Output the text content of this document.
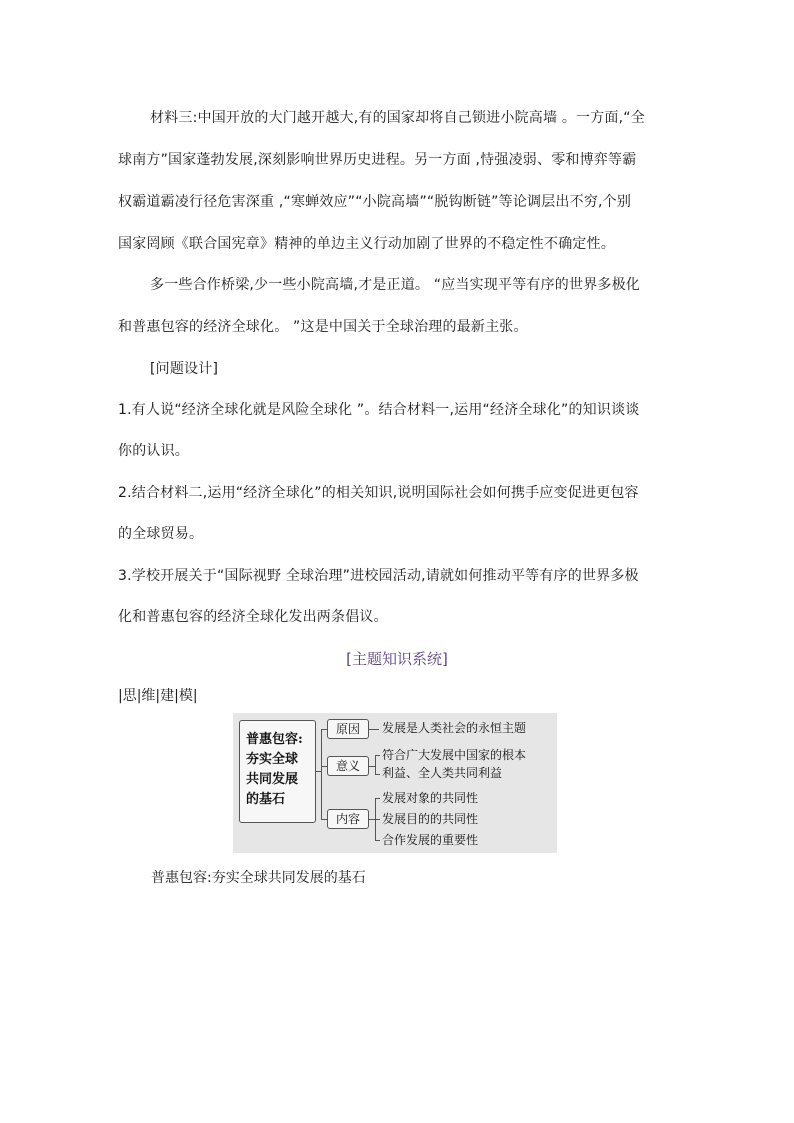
材料三:中国开放的大门越开越大,有的国家却将自己锁进小院高墙 。一方面,“全
球南方”国家蓬勃发展,深刻影响世界历史进程。另一方面 ,恃强凌弱、零和博弈等霸
权霸道霸凌行径危害深重 ,“寒蝉效应”“小院高墙”“脱钩断链”等论调层出不穷,个别
国家罔顾《联合国宪章》精神的单边主义行动加剧了世界的不稳定性不确定性。
多一些合作桥梁,少一些小院高墙,才是正道。 “应当实现平等有序的世界多极化
和普惠包容的经济全球化。 ”这是中国关于全球治理的最新主张。
[问题设计]
1.有人说“经济全球化就是风险全球化 ”。结合材料一,运用“经济全球化”的知识谈谈
你的认识。
2.结合材料二,运用“经济全球化”的相关知识,说明国际社会如何携手应变促进更包容
的全球贸易。
3.学校开展关于“国际视野 全球治理”进校园活动,请就如何推动平等有序的世界多极
化和普惠包容的经济全球化发出两条倡议。
[主题知识系统]
|思|维|建|模|
普惠包容:
夯实全球
共同发展
的基石
原因	发展是人类社会的永恒主题
意义
符合广大发展中国家的根本
利益、全人类共同利益
内容
发展对象的共同性
发展目的的共同性
合作发展的重要性
普惠包容:夯实全球共同发展的基石
